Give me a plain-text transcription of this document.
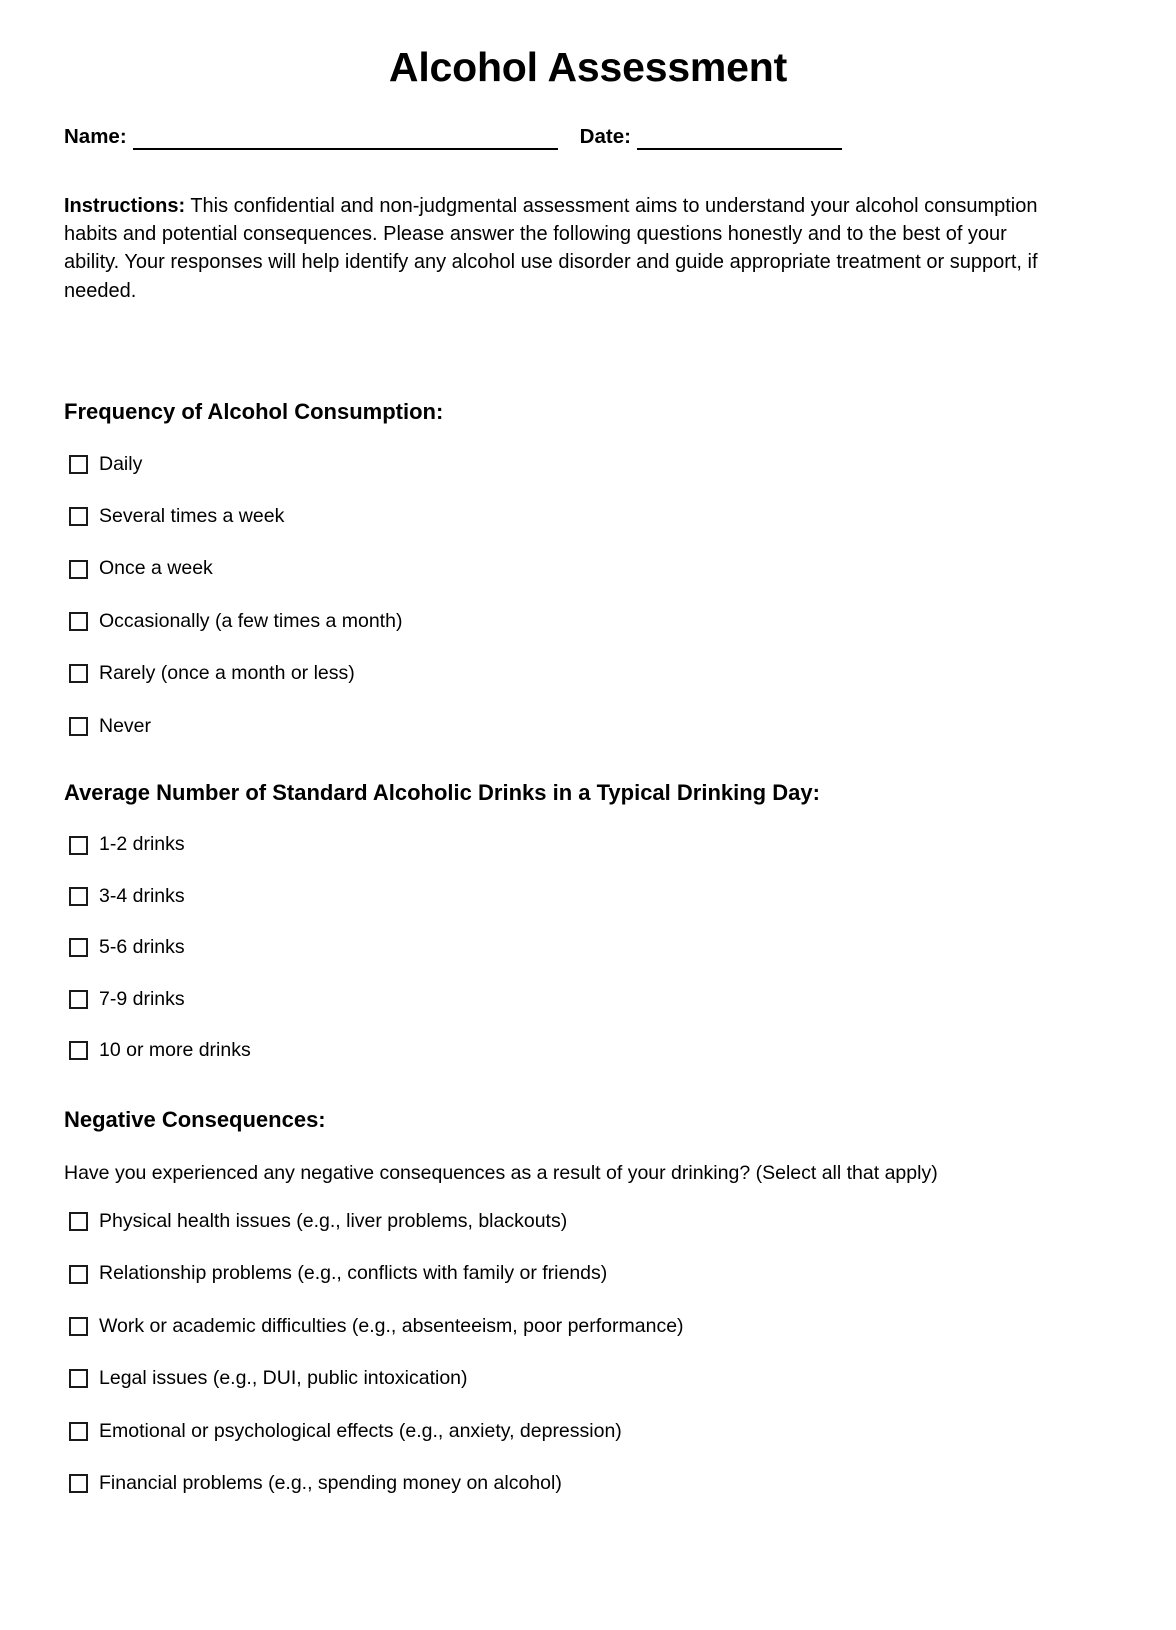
Alcohol Assessment
Name:	Date:

Instructions: This confidential and non-judgmental assessment aims to understand your alcohol consumption habits and potential consequences. Please answer the following questions honestly and to the best of your ability. Your responses will help identify any alcohol use disorder and guide appropriate treatment or support, if needed.

Frequency of Alcohol Consumption:
Daily
Several times a week
Once a week
Occasionally (a few times a month)
Rarely (once a month or less)
Never
Average Number of Standard Alcoholic Drinks in a Typical Drinking Day:
1-2 drinks
3-4 drinks
5-6 drinks
7-9 drinks
10 or more drinks
Negative Consequences:

Have you experienced any negative consequences as a result of your drinking? (Select all that apply)

Physical health issues (e.g., liver problems, blackouts)
Relationship problems (e.g., conflicts with family or friends)
Work or academic difficulties (e.g., absenteeism, poor performance)
Legal issues (e.g., DUI, public intoxication)
Emotional or psychological effects (e.g., anxiety, depression)
Financial problems (e.g., spending money on alcohol)
